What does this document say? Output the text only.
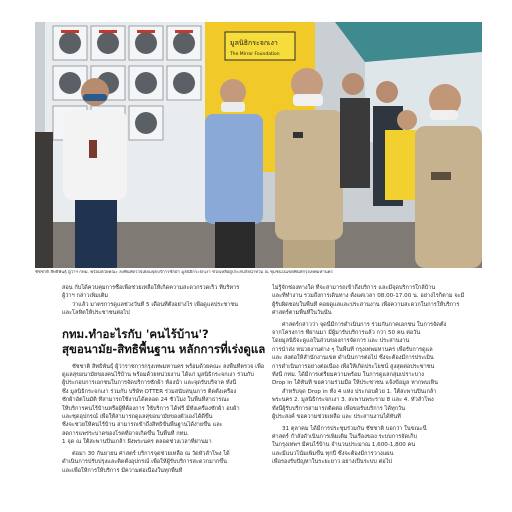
มูลนิธิกระจกเงา
The Mirror Foundation
ชัชชาติ สิทธิพันธุ์ ผู้ว่าฯ กทม. พร้อมด้วยคณะ ลงพื้นที่ตรวจเยี่ยมจุดบริการซักผ้า มูลนิธิกระจกเงา ช่วยเหลือผู้ประสบภัยน้ำท่วม ณ ชุมชนในเขตพื้นที่กรุงเทพมหานคร

สอน กับได้ควบคุมการซื้อเพื่อช่วยเหลือให้เกิดความสะดวกรวดเร็ว ที่บริหาร

ผู้ว่าฯ กล่าวเพิ่มเติม

ว่าแล้ว มาตรการดูแลช่วงวันที่ 5 เดือนที่ตั้งอย่างไร เพื่อดูแลประชาชน

และโลหิตให้ประชาชนต่อไป

กทม.ทำอะไรกับ 'คนไร้บ้าน'?
สุขอนามัย-สิทธิพื้นฐาน หลักการที่เร่งดูแล

ชัชชาติ สิทธิพันธุ์ ผู้ว่าราชการกรุงเทพมหานคร พร้อมด้วยคณะ ลงพื้นที่ตรวจ เพื่อ

ดูแลสุขอนามัยของคนไร้บ้าน พร้อมด้วยหน่วยงาน ได้แก่ มูลนิธิกระจกเงา ร่วมกับ

ผู้ประกอบการเอกชนในการจัดบริการซักผ้า ห้องน้ำ และจุดรับบริจาค ทั้งนี้

ซึ่ง มูลนิธิกระจกเงา ร่วมกับ บริษัท OTTER ร่วมสนับสนุนการ ติดตั้งเครื่อง

ซักผ้าอัตโนมัติ ที่สามารถใช้งานได้ตลอด 24 ชั่วโมง ในพื้นที่สาธารณะ

ให้บริการคนไร้บ้านหรือผู้ที่ต้องการ ใช้บริการ ได้ฟรี มีทั้งเครื่องซักผ้า อบผ้า

และชุดอุปกรณ์ เพื่อให้สามารถดูแลสุขอนามัยของตัวเองได้ดีขึ้น

ซึ่งจะช่วยให้คนไร้บ้าน สามารถเข้าถึงสิทธิขั้นพื้นฐานได้ง่ายขึ้น และ

ลดการแพร่ระบาดของโรคที่อาจเกิดขึ้น ในพื้นที่ กทม.

1 จุด ณ ใต้สะพานปิ่นเกล้า ฝั่งพระนคร ตลอดช่วงเวลาที่ผ่านมา

ต่อมา 30 กันยายน ศาสตร์ บริการจุดช่วยเหลือ ณ วัดหัวลำโพง ได้

ดำเนินการปรับปรุงและติดตั้งอุปกรณ์ เพื่อให้ผู้รับบริการสะดวกมากขึ้น

และเพื่อให้การให้บริการ มีความต่อเนื่องในทุกพื้นที่

ไม่รู้จักช่องทางใด ที่จะสามารถเข้าถึงบริการ และมีจุดบริการใกล้บ้าน

และที่ทำงาน รวมถึงการเดินทาง ตั้งแต่เวลา 08.00-17.00 น. อย่างไรก็ตาม จะมี

ผู้รับผิดชอบในพื้นที่ คอยดูแลและประสานงาน เพื่อความสะดวกในการให้บริการ

ศาสตร์ตามพื้นที่ในวันนั้น

ศาสตร์กล่าวว่า จุดนี้มีการดำเนินการ ร่วมกับภาคเอกชน ในการจัดตั้ง

จากโครงการ ที่ผ่านมา มีผู้มารับบริการแล้ว กว่า 50 คน ต่อวัน

โดยมูลนิธิจะดูแลในส่วนของการจัดการ และ ประสานงาน

การนำส่ง หน่วยงานต่าง ๆ ในพื้นที่ กรุงเทพมหานคร เพื่อรับการดูแล

และ ส่งต่อให้สำนักงานเขต ดำเนินการต่อไป ซึ่งจะต้องมีการประเมิน

การดำเนินการอย่างต่อเนื่อง เพื่อให้เกิดประโยชน์ สูงสุดต่อประชาชน

ทั้งนี้ กทม. ได้มีการเตรียมความพร้อม ในการดูแลกลุ่มเปราะบาง

Drop in ได้ทันที ขอความร่วมมือ ให้ประชาชน แจ้งข้อมูล หากพบเห็น

สำหรับจุด Drop in ทั้ง 4 แห่ง ประกอบด้วย 1. ใต้สะพานปิ่นเกล้า

พระนคร 2. มูลนิธิกระจกเงา 3. สะพานพระราม 8 และ 4. หัวลำโพง

ทั้งนี้ผู้รับบริการสามารถติดต่อ เพื่อขอรับบริการ ได้ทุกวัน

ผู้ประสงค์ ขอความช่วยเหลือ และ ประสานงานได้ทันที

31 ตุลาคม ได้มีการประชุมร่วมกัน ชัชชาติ บอกว่า ในขณะนี้

ศาสตร์ กำลังดำเนินการเพิ่มเติม ในเรื่องของ ระบบการจัดเก็บ

ในกรุงเทพฯ มีคนไร้บ้าน จำนวนประมาณ 1,600-1,800 คน

และมีแนวโน้มเพิ่มขึ้น ทุกปี ซึ่งจะต้องมีการวางแผน

เพื่อรองรับปัญหาในระยะยาว อย่างเป็นระบบ ต่อไป
